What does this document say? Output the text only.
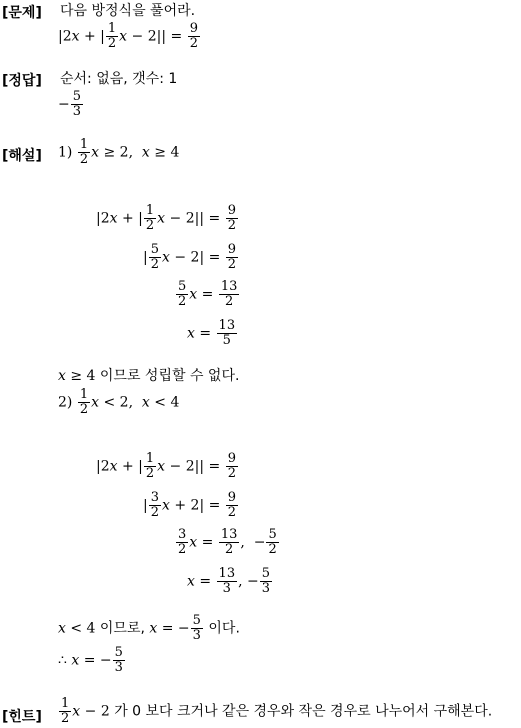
[문제] 다음 방정식을 풀어라.
|2x + | $\frac{1}{2}$ $x - 2|| = \frac{9}{2}$
[정답] 순서: 없음, 갯수: 1
− $\frac{5}{3}$
[해설] $1) \frac{1}{2}$ x ≥ 2, x ≥ 4
|2x + | $\frac{1}{2}$ $x - 2|| = \frac{9}{2}$
| $\frac{5}{2}$ $x - 2| = \frac{9}{2}$
$\frac{5}{2}$ $x = \frac{13}{2}$
$x = \frac{13}{5}$
x ≥ 4 이므로 성립할 수 없다.
$2) \frac{1}{2}$ x < 2, x < 4
|2x + | $\frac{1}{2}$ $x - 2|| = \frac{9}{2}$
| $\frac{3}{2}$ $x + 2| = \frac{9}{2}$
$\frac{3}{2}$ $x = \frac{13}{2}$ ,  − $\frac{5}{2}$
$x = \frac{13}{3}$ , − $\frac{5}{3}$
x < 4 이므로, x = − $\frac{5}{3}$ 이다.
∴ x = − $\frac{5}{3}$
[힌트] $\frac{1}{2}$ x − 2 가 0 보다 크거나 같은 경우와 작은 경우로 나누어서 구해본다.
